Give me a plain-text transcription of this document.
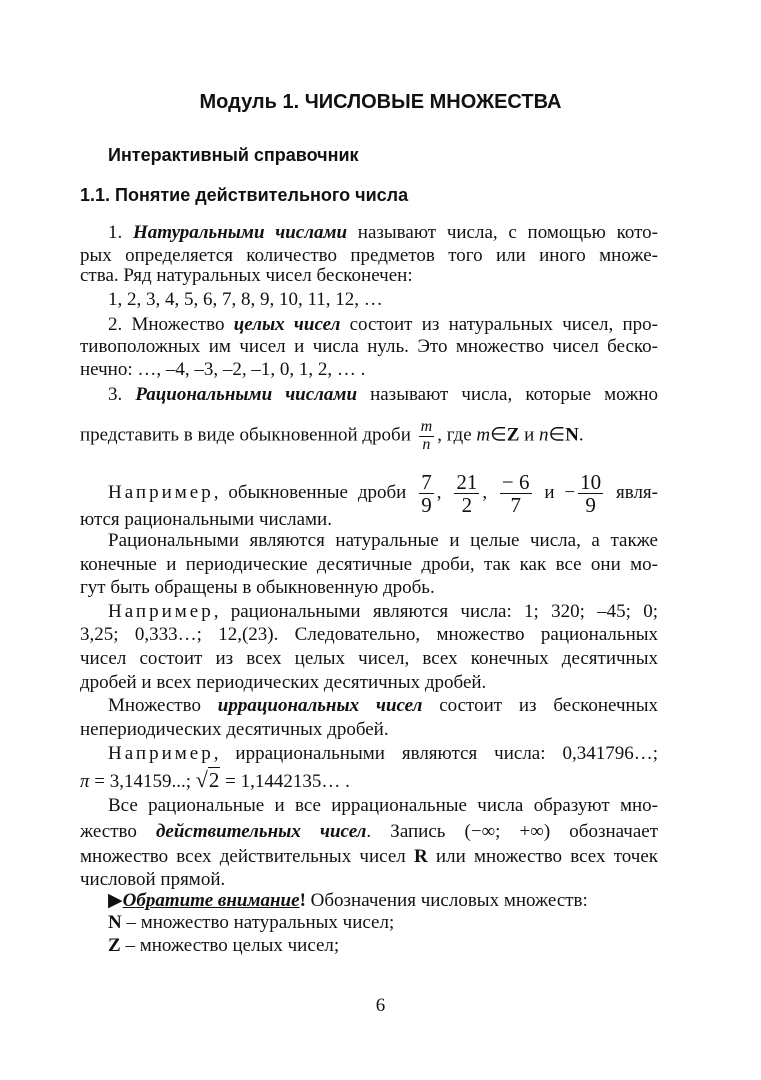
Модуль 1. ЧИСЛОВЫЕ МНОЖЕСТВА
Интерактивный справочник
1.1. Понятие действительного числа
1. Натуральными числами называют числа, с помощью кото-
рых определяется количество предметов того или иного множе-
ства. Ряд натуральных чисел бесконечен:
1, 2, 3, 4, 5, 6, 7, 8, 9, 10, 11, 12, …
2. Множество целых чисел состоит из натуральных чисел, про-
тивоположных им чисел и числа нуль. Это множество чисел беско-
нечно: …, –4, –3, –2, –1, 0, 1, 2, … .
3. Рациональными числами называют числа, которые можно
представить в виде обыкновенной дроби $\frac{m}{n}$ , где m∈Z и n∈N.
Например, обыкновенные дроби $\frac{7}{9}$ , $\frac{21}{2}$ , $\frac{- 6}{7}$ $и - \frac{10}{9}$ явля-
ются рациональными числами.
Рациональными являются натуральные и целые числа, а также
конечные и периодические десятичные дроби, так как все они мо-
гут быть обращены в обыкновенную дробь.
Например, рациональными являются числа: 1; 320; –45; 0;
3,25; 0,333…; 12,(23). Следовательно, множество рациональных
чисел состоит из всех целых чисел, всех конечных десятичных
дробей и всех периодических десятичных дробей.
Множество иррациональных чисел состоит из бесконечных
непериодических десятичных дробей.
Например, иррациональными являются числа: 0,341796…;
π = 3,14159...; √2 = 1,1442135… .
Все рациональные и все иррациональные числа образуют мно-
жество действительных чисел. Запись (−∞; +∞) обозначает
множество всех действительных чисел R или множество всех точек
числовой прямой.
▶Обратите внимание! Обозначения числовых множеств:
N – множество натуральных чисел;
Z – множество целых чисел;
6
